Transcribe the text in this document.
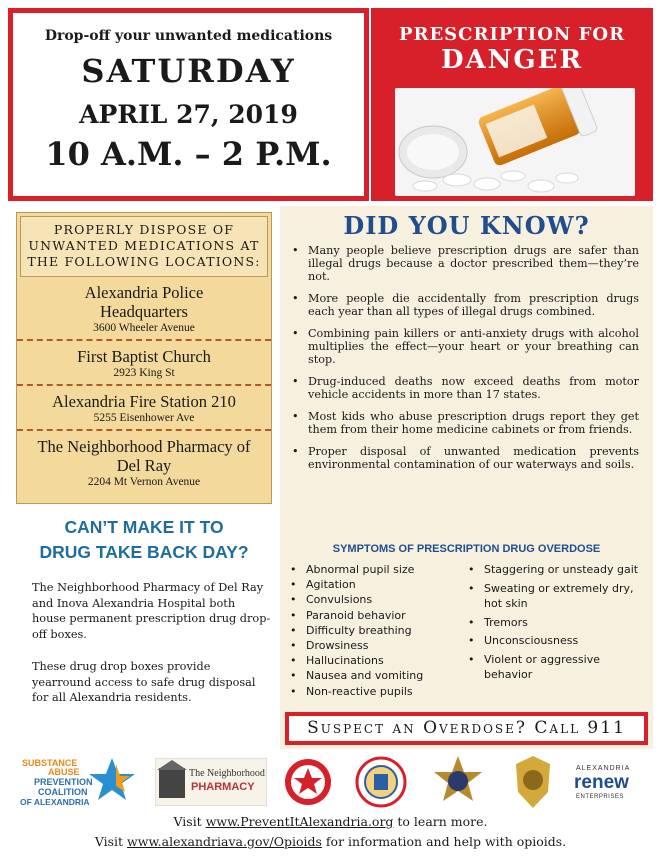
Drop-off your unwanted medications
SATURDAY
APRIL 27, 2019
10 A.M. – 2 P.M.
PRESCRIPTION FOR
DANGER
PROPERLY DISPOSE OF
UNWANTED MEDICATIONS AT
THE FOLLOWING LOCATIONS:
Alexandria Police Headquarters
3600 Wheeler Avenue
First Baptist Church
2923 King St
Alexandria Fire Station 210
5255 Eisenhower Ave
The Neighborhood Pharmacy of Del Ray
2204 Mt Vernon Avenue
CAN’T MAKE IT TO
DRUG TAKE BACK DAY?
The Neighborhood Pharmacy of Del Ray and Inova Alexandria Hospital both house permanent prescription drug drop-off boxes.
These drug drop boxes provide yearround access to safe drug disposal for all Alexandria residents.
DID YOU KNOW?
• Many people believe prescription drugs are safer than illegal drugs because a doctor prescribed them—they’re not.
• More people die accidentally from prescription drugs each year than all types of illegal drugs combined.
• Combining pain killers or anti-anxiety drugs with alcohol multiplies the effect—your heart or your breathing can stop.
• Drug-induced deaths now exceed deaths from motor vehicle accidents in more than 17 states.
• Most kids who abuse prescription drugs report they get them from their home medicine cabinets or from friends.
• Proper disposal of unwanted medication prevents environmental contamination of our waterways and soils.
SYMPTOMS OF PRESCRIPTION DRUG OVERDOSE
• Abnormal pupil size
• Agitation
• Convulsions
• Paranoid behavior
• Difficulty breathing
• Drowsiness
• Hallucinations
• Nausea and vomiting
• Non-reactive pupils
• Staggering or unsteady gait
• Sweating or extremely dry, hot skin
• Tremors
• Unconsciousness
• Violent or aggressive behavior
Suspect an Overdose? Call 911
SUBSTANCE
ABUSE
PREVENTION
COALITION
OF ALEXANDRIA
The Neighborhood
PHARMACY
ALEXANDRIA
renew
ENTERPRISES
Visit www.PreventItAlexandria.org to learn more.
Visit www.alexandriava.gov/Opioids for information and help with opioids.
